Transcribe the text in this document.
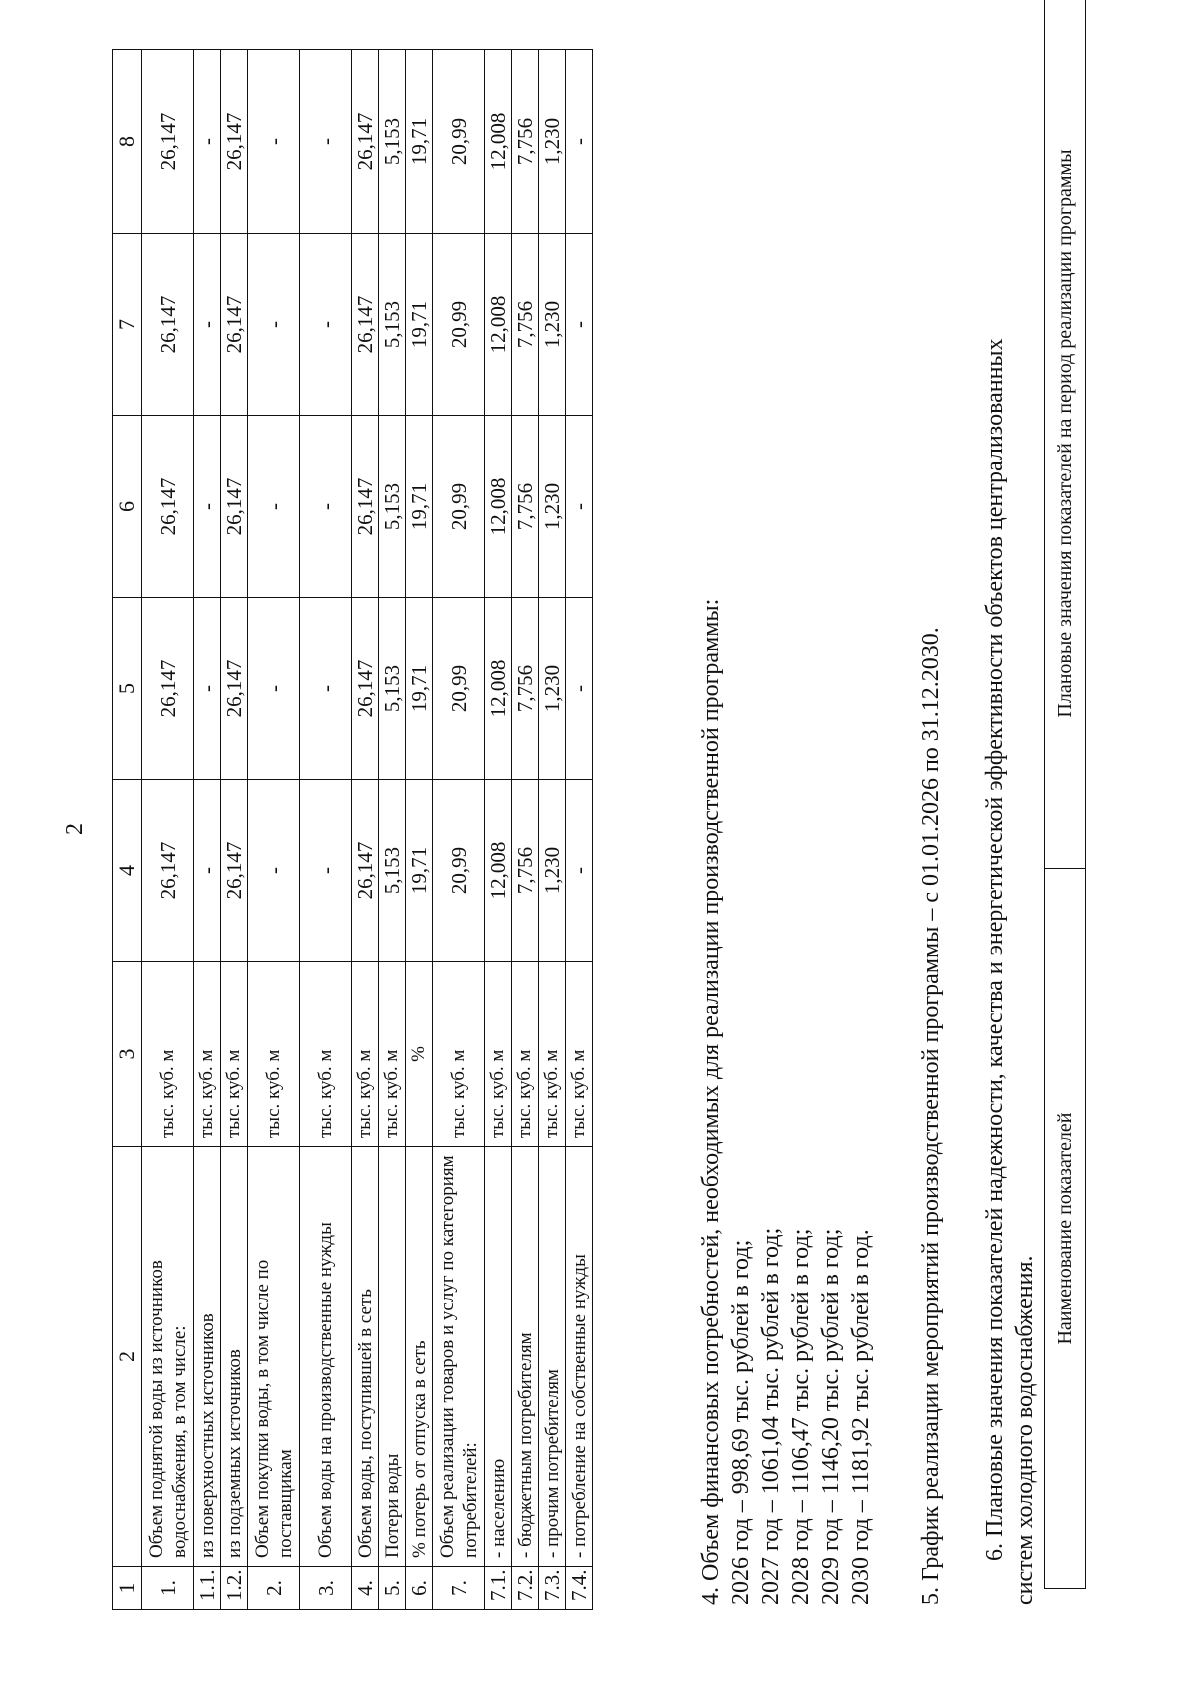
2
1	2	3	4	5	6	7	8
1.	Объем поднятой воды из источников водоснабжения, в том числе:	тыс. куб. м	26,147	26,147	26,147	26,147	26,147
1.1.	из поверхностных источников	тыс. куб. м	-	-	-	-	-
1.2.	из подземных источников	тыс. куб. м	26,147	26,147	26,147	26,147	26,147
2.	Объем покупки воды, в том числе по поставщикам	тыс. куб. м	-	-	-	-	-
3.	Объем воды на производственные нужды	тыс. куб. м	-	-	-	-	-
4.	Объем воды, поступившей в сеть	тыс. куб. м	26,147	26,147	26,147	26,147	26,147
5.	Потери воды	тыс. куб. м	5,153	5,153	5,153	5,153	5,153
6.	% потерь от отпуска в сеть	%	19,71	19,71	19,71	19,71	19,71
7.	Объем реализации товаров и услуг по категориям потребителей:	тыс. куб. м	20,99	20,99	20,99	20,99	20,99
7.1.	- населению	тыс. куб. м	12,008	12,008	12,008	12,008	12,008
7.2.	- бюджетным потребителям	тыс. куб. м	7,756	7,756	7,756	7,756	7,756
7.3.	- прочим потребителям	тыс. куб. м	1,230	1,230	1,230	1,230	1,230
7.4.	- потребление на собственные нужды	тыс. куб. м	-	-	-	-	-
4. Объем финансовых потребностей, необходимых для реализации производственной программы: 2026 год – 998,69 тыс. рублей в год; 2027 год – 1061,04 тыс. рублей в год; 2028 год – 1106,47 тыс. рублей в год; 2029 год – 1146,20 тыс. рублей в год; 2030 год – 1181,92 тыс. рублей в год. 5. График реализации мероприятий производственной программы – с 01.01.2026 по 31.12.2030. 6. Плановые значения показателей надежности, качества и энергетической эффективности объектов централизованных систем холодного водоснабжения.
Наименование показателей	Плановые значения показателей на период реализации программы
